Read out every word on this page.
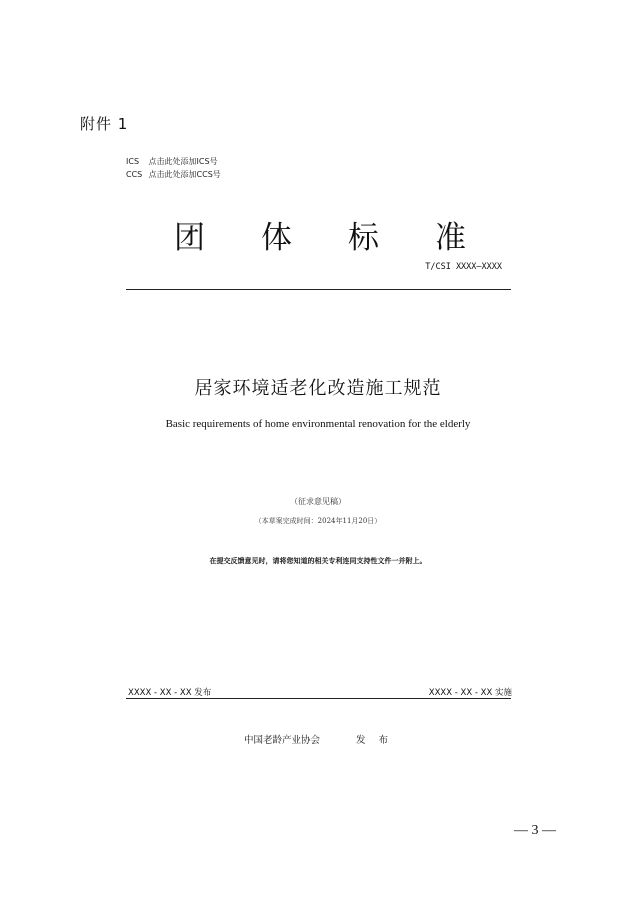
附件 1
ICS 点击此处添加ICS号
CCS 点击此处添加CCS号
团 体 标 准
T/CSI XXXX—XXXX
居家环境适老化改造施工规范
Basic requirements of home environmental renovation for the elderly
（征求意见稿）
（本草案完成时间：2024年11月20日）
在提交反馈意见时，请将您知道的相关专利连同支持性文件一并附上。
XXXX - XX - XX 发布	XXXX - XX - XX 实施
中国老龄产业协会	发 布
— 3 —
